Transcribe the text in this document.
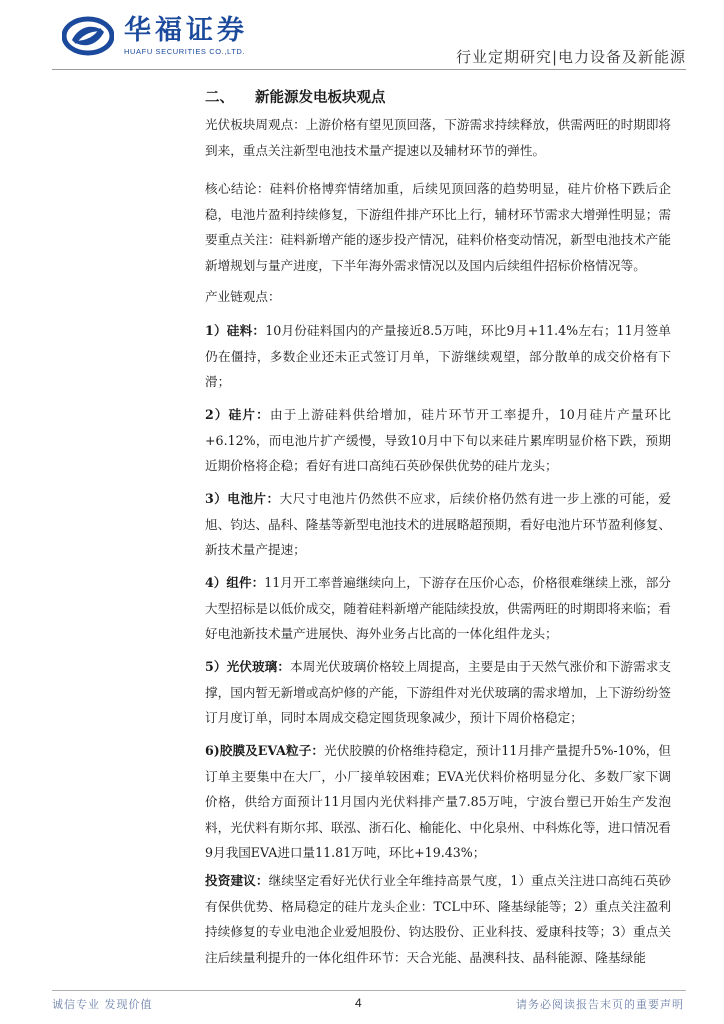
华福证券
HUAFU SECURITIES CO.,LTD.	行业定期研究|电力设备及新能源
二、 新能源发电板块观点
光伏板块周观点：上游价格有望见顶回落，下游需求持续释放，供需两旺的时期即将到来，重点关注新型电池技术量产提速以及辅材环节的弹性。
核心结论：硅料价格博弈情绪加重，后续见顶回落的趋势明显，硅片价格下跌后企稳，电池片盈利持续修复，下游组件排产环比上行，辅材环节需求大增弹性明显；需要重点关注：硅料新增产能的逐步投产情况，硅料价格变动情况，新型电池技术产能新增规划与量产进度，下半年海外需求情况以及国内后续组件招标价格情况等。
产业链观点：
1）硅料：10月份硅料国内的产量接近8.5万吨，环比9月+11.4%左右；11月签单仍在僵持，多数企业还未正式签订月单，下游继续观望，部分散单的成交价格有下滑；
2）硅片：由于上游硅料供给增加，硅片环节开工率提升，10月硅片产量环比+6.12%，而电池片扩产缓慢，导致10月中下旬以来硅片累库明显价格下跌，预期近期价格将企稳；看好有进口高纯石英砂保供优势的硅片龙头；
3）电池片：大尺寸电池片仍然供不应求，后续价格仍然有进一步上涨的可能，爱旭、钧达、晶科、隆基等新型电池技术的进展略超预期，看好电池片环节盈利修复、新技术量产提速；
4）组件：11月开工率普遍继续向上，下游存在压价心态，价格很难继续上涨，部分大型招标是以低价成交，随着硅料新增产能陆续投放，供需两旺的时期即将来临；看好电池新技术量产进展快、海外业务占比高的一体化组件龙头；
5）光伏玻璃：本周光伏玻璃价格较上周提高，主要是由于天然气涨价和下游需求支撑，国内暂无新增或高炉修的产能，下游组件对光伏玻璃的需求增加，上下游纷纷签订月度订单，同时本周成交稳定囤货现象减少，预计下周价格稳定；
6)胶膜及EVA粒子：光伏胶膜的价格维持稳定，预计11月排产量提升5%-10%，但订单主要集中在大厂，小厂接单较困难；EVA光伏料价格明显分化、多数厂家下调价格，供给方面预计11月国内光伏料排产量7.85万吨，宁波台塑已开始生产发泡料，光伏料有斯尔邦、联泓、浙石化、榆能化、中化泉州、中科炼化等，进口情况看9月我国EVA进口量11.81万吨，环比+19.43%；
投资建议：继续坚定看好光伏行业全年维持高景气度，1）重点关注进口高纯石英砂有保供优势、格局稳定的硅片龙头企业：TCL中环、隆基绿能等；2）重点关注盈利持续修复的专业电池企业爱旭股份、钧达股份、正业科技、爱康科技等；3）重点关注后续量利提升的一体化组件环节：天合光能、晶澳科技、晶科能源、隆基绿能
诚信专业 发现价值	4	请务必阅读报告末页的重要声明
